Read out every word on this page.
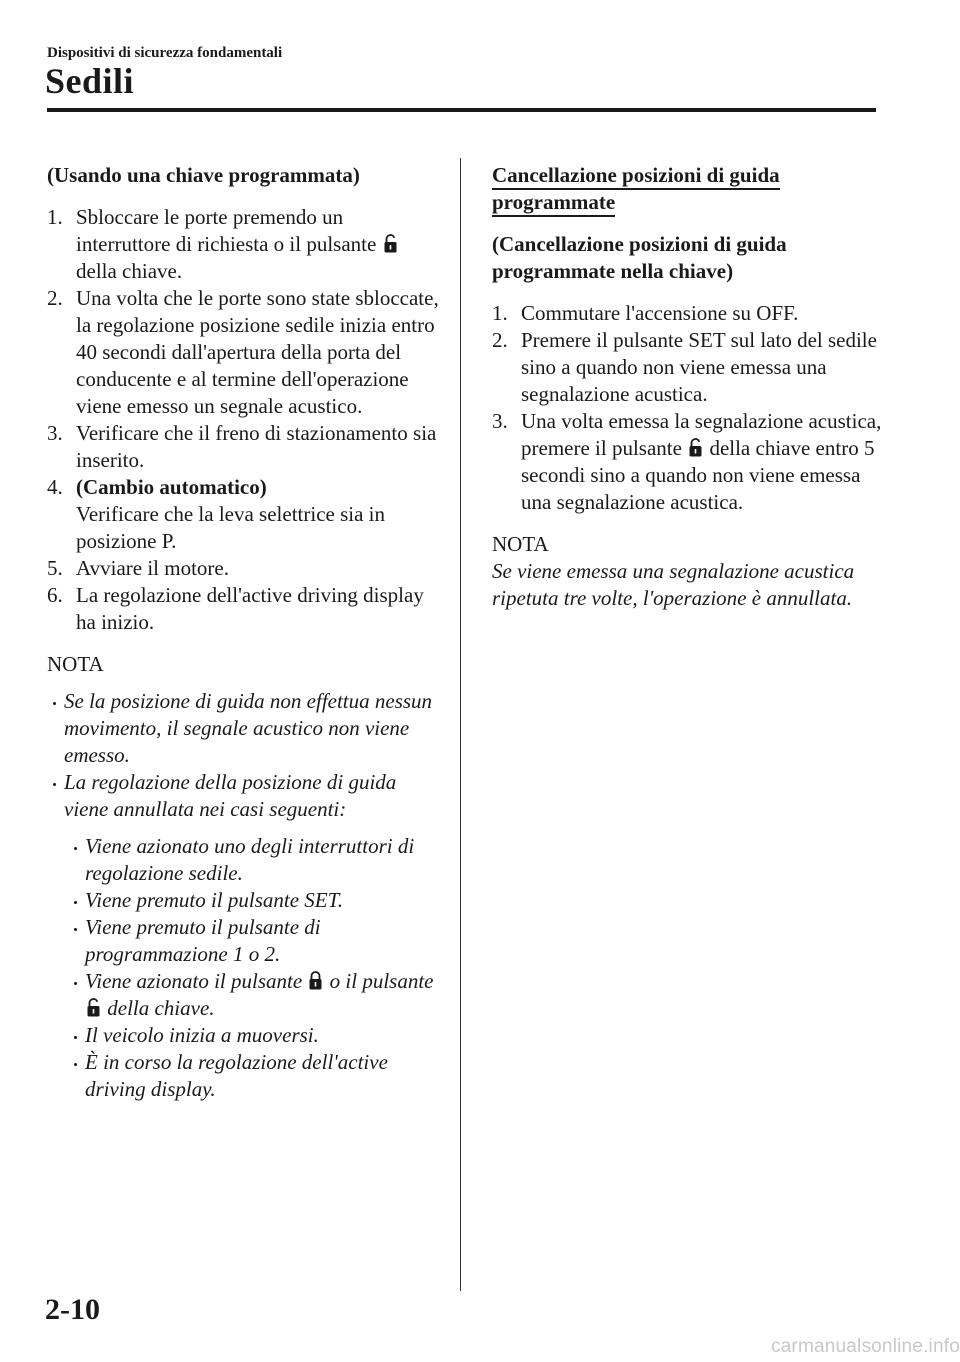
Dispositivi di sicurezza fondamentali
Sedili
(Usando una chiave programmata)
1. Sbloccare le porte premendo un interruttore di richiesta o il pulsante  della chiave.
2. Una volta che le porte sono state sbloccate, la regolazione posizione sedile inizia entro 40 secondi dall'apertura della porta del conducente e al termine dell'operazione viene emesso un segnale acustico.
3. Verificare che il freno di stazionamento sia inserito.
4. (Cambio automatico)
Verificare che la leva selettrice sia in posizione P.
5. Avviare il motore.
6. La regolazione dell'active driving display ha inizio.
NOTA
Se la posizione di guida non effettua nessun movimento, il segnale acustico non viene emesso.
La regolazione della posizione di guida viene annullata nei casi seguenti:
Viene azionato uno degli interruttori di regolazione sedile.
Viene premuto il pulsante SET.
Viene premuto il pulsante di programmazione 1 o 2.
Viene azionato il pulsante o il pulsante  della chiave.
Il veicolo inizia a muoversi.
È in corso la regolazione dell'active driving display.
Cancellazione posizioni di guida programmate
(Cancellazione posizioni di guida programmate nella chiave)
1. Commutare l'accensione su OFF.
2. Premere il pulsante SET sul lato del sedile sino a quando non viene emessa una segnalazione acustica.
3. Una volta emessa la segnalazione acustica, premere il pulsante della chiave entro 5 secondi sino a quando non viene emessa una segnalazione acustica.
NOTA
Se viene emessa una segnalazione acustica ripetuta tre volte, l'operazione è annullata.
2-10
carmanualsonline.info
